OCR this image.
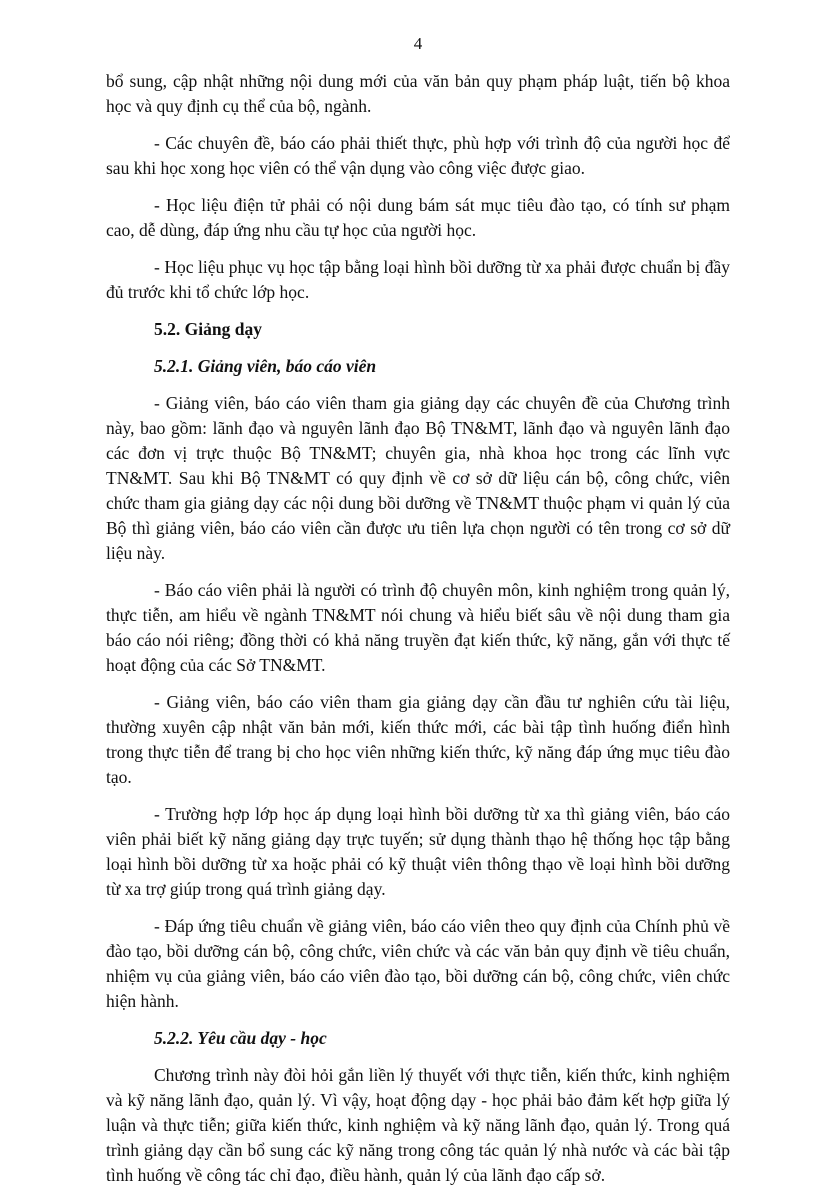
4

bổ sung, cập nhật những nội dung mới của văn bản quy phạm pháp luật, tiến bộ khoa học và quy định cụ thể của bộ, ngành.

- Các chuyên đề, báo cáo phải thiết thực, phù hợp với trình độ của người học để sau khi học xong học viên có thể vận dụng vào công việc được giao.

- Học liệu điện tử phải có nội dung bám sát mục tiêu đào tạo, có tính sư phạm cao, dễ dùng, đáp ứng nhu cầu tự học của người học.

- Học liệu phục vụ học tập bằng loại hình bồi dưỡng từ xa phải được chuẩn bị đầy đủ trước khi tổ chức lớp học.

5.2. Giảng dạy
5.2.1. Giảng viên, báo cáo viên

- Giảng viên, báo cáo viên tham gia giảng dạy các chuyên đề của Chương trình này, bao gồm: lãnh đạo và nguyên lãnh đạo Bộ TN&MT, lãnh đạo và nguyên lãnh đạo các đơn vị trực thuộc Bộ TN&MT; chuyên gia, nhà khoa học trong các lĩnh vực TN&MT. Sau khi Bộ TN&MT có quy định về cơ sở dữ liệu cán bộ, công chức, viên chức tham gia giảng dạy các nội dung bồi dưỡng về TN&MT thuộc phạm vi quản lý của Bộ thì giảng viên, báo cáo viên cần được ưu tiên lựa chọn người có tên trong cơ sở dữ liệu này.

- Báo cáo viên phải là người có trình độ chuyên môn, kinh nghiệm trong quản lý, thực tiễn, am hiểu về ngành TN&MT nói chung và hiểu biết sâu về nội dung tham gia báo cáo nói riêng; đồng thời có khả năng truyền đạt kiến thức, kỹ năng, gắn với thực tế hoạt động của các Sở TN&MT.

- Giảng viên, báo cáo viên tham gia giảng dạy cần đầu tư nghiên cứu tài liệu, thường xuyên cập nhật văn bản mới, kiến thức mới, các bài tập tình huống điển hình trong thực tiễn để trang bị cho học viên những kiến thức, kỹ năng đáp ứng mục tiêu đào tạo.

- Trường hợp lớp học áp dụng loại hình bồi dưỡng từ xa thì giảng viên, báo cáo viên phải biết kỹ năng giảng dạy trực tuyến; sử dụng thành thạo hệ thống học tập bằng loại hình bồi dưỡng từ xa hoặc phải có kỹ thuật viên thông thạo về loại hình bồi dưỡng từ xa trợ giúp trong quá trình giảng dạy.

- Đáp ứng tiêu chuẩn về giảng viên, báo cáo viên theo quy định của Chính phủ về đào tạo, bồi dưỡng cán bộ, công chức, viên chức và các văn bản quy định về tiêu chuẩn, nhiệm vụ của giảng viên, báo cáo viên đào tạo, bồi dưỡng cán bộ, công chức, viên chức hiện hành.

5.2.2. Yêu cầu dạy - học

Chương trình này đòi hỏi gắn liền lý thuyết với thực tiễn, kiến thức, kinh nghiệm và kỹ năng lãnh đạo, quản lý. Vì vậy, hoạt động dạy - học phải bảo đảm kết hợp giữa lý luận và thực tiễn; giữa kiến thức, kinh nghiệm và kỹ năng lãnh đạo, quản lý. Trong quá trình giảng dạy cần bổ sung các kỹ năng trong công tác quản lý nhà nước và các bài tập tình huống về công tác chỉ đạo, điều hành, quản lý của lãnh đạo cấp sở.
